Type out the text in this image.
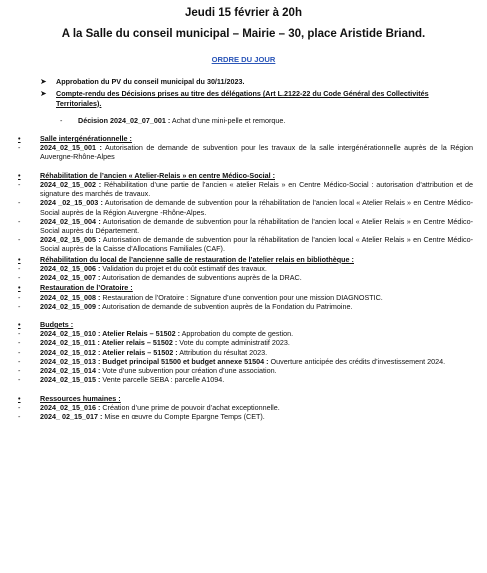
Jeudi 15 février à 20h
A la Salle du conseil municipal – Mairie – 30, place Aristide Briand.
ORDRE DU JOUR
➤	Approbation du PV du conseil municipal du 30/11/2023.
➤	Compte-rendu des Décisions prises au titre des délégations (Art L.2122-22 du Code Général des Collectivités Territoriales).
-	Décision 2024_02_07_001 : Achat d’une mini-pelle et remorque.
•	Salle intergénérationnelle :
-	2024_02_15_001 : Autorisation de demande de subvention pour les travaux de la salle intergénérationnelle auprès de la Région Auvergne-Rhône-Alpes
•	Réhabilitation de l’ancien « Atelier-Relais » en centre Médico-Social :
-	2024_02_15_002 : Réhabilitation d’une partie de l’ancien « atelier Relais » en Centre Médico-Social : autorisation d’attribution et de signature des marchés de travaux.
-	2024 _02_15_003 : Autorisation de demande de subvention pour la réhabilitation de l’ancien local « Atelier Relais » en Centre Médico-Social auprès de la Région Auvergne -Rhône-Alpes.
-	2024_02_15_004 : Autorisation de demande de subvention pour la réhabilitation de l’ancien local « Atelier Relais » en Centre Médico-Social auprès du Département.
-	2024_02_15_005 : Autorisation de demande de subvention pour la réhabilitation de l’ancien local « Atelier Relais » en Centre Médico-Social auprès de la Caisse d’Allocations Familiales (CAF).
•	Réhabilitation du local de l’ancienne salle de restauration de l’atelier relais en bibliothèque :
-	2024_02_15_006 : Validation du projet et du coût estimatif des travaux.
-	2024_02_15_007 : Autorisation de demandes de subventions auprès de la DRAC.
•	Restauration de l’Oratoire :
-	2024_02_15_008 : Restauration de l’Oratoire : Signature d’une convention pour une mission DIAGNOSTIC.
-	2024_02_15_009 : Autorisation de demande de subvention auprès de la Fondation du Patrimoine.
•	Budgets :
-	2024_02_15_010 : Atelier Relais – 51502 : Approbation du compte de gestion.
-	2024_02_15_011 : Atelier relais – 51502 : Vote du compte administratif 2023.
-	2024_02_15_012 : Atelier relais – 51502 : Attribution du résultat 2023.
-	2024_02_15_013 : Budget principal 51500 et budget annexe 51504 : Ouverture anticipée des crédits d’investissement 2024.
-	2024_02_15_014 : Vote d’une subvention pour création d’une association.
-	2024_02_15_015 : Vente parcelle SEBA : parcelle A1094.
•	Ressources humaines :
-	2024_02_15_016 : Création d’une prime de pouvoir d’achat exceptionnelle.
-	2024_ 02_15_017 : Mise en œuvre du Compte Epargne Temps (CET).
